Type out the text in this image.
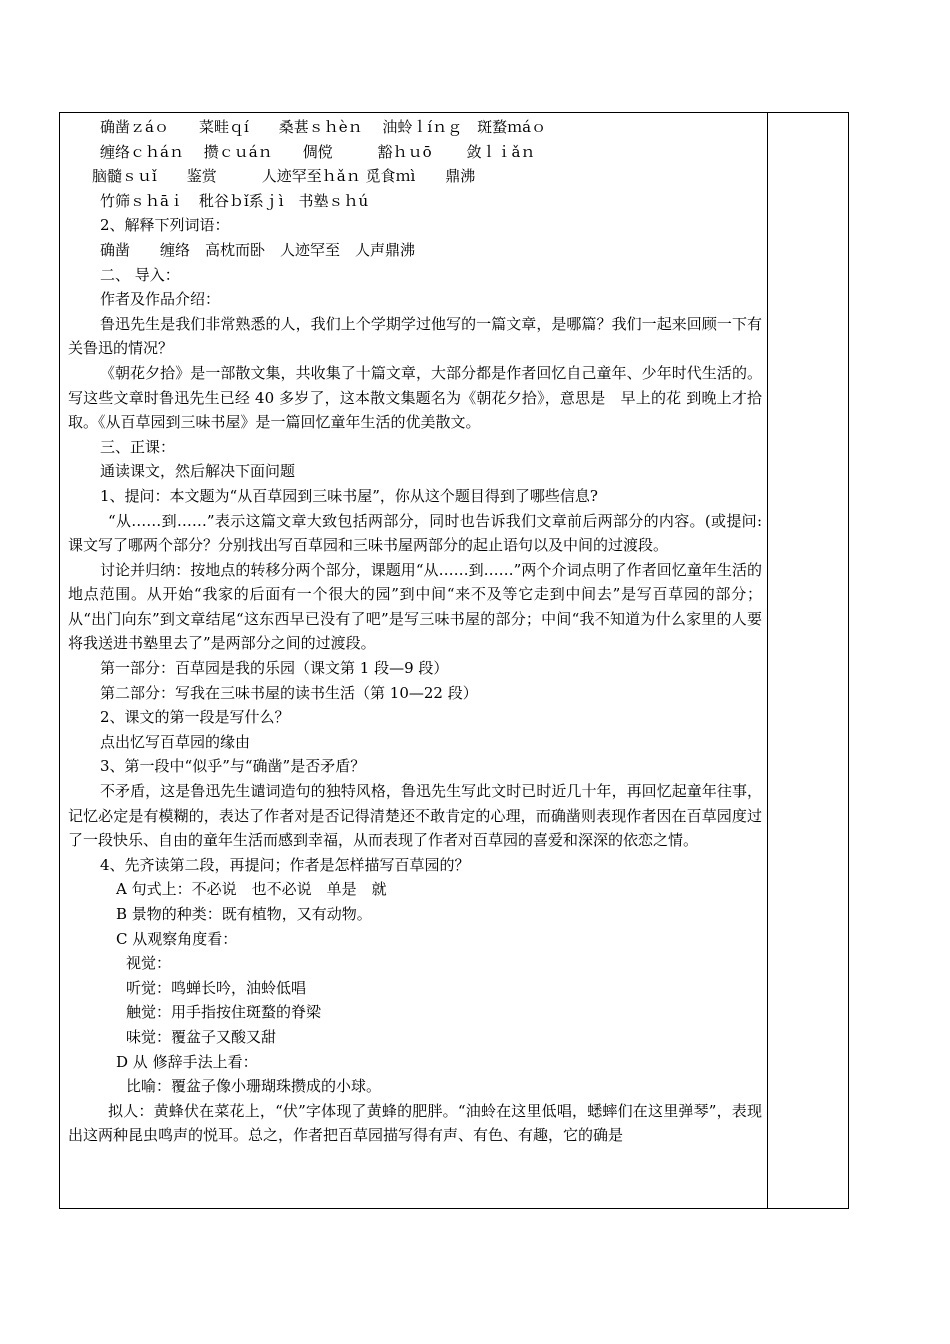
确凿ｚáｏ　　菜畦ｑí　　桑葚ｓｈèｎ　 油蛉ｌíｎｇ　斑蝥ｍáｏ
缠络ｃｈáｎ　 攒ｃｕáｎ　　倜傥　　　豁ｈｕō　　 敛ｌｉǎｎ
脑髓ｓｕǐ　　鉴赏　　　人迹罕至ｈǎｎ 觅食ｍì　　鼎沸
竹筛ｓｈāｉ　秕谷ｂǐ系ｊì　书塾ｓｈú
2、解释下列词语：
确凿　　缠络　高枕而卧　人迹罕至　人声鼎沸
二、 导入：
作者及作品介绍：
鲁迅先生是我们非常熟悉的人，我们上个学期学过他写的一篇文章，是哪篇？我们一起来回顾一下有关鲁迅的情况？
《朝花夕拾》是一部散文集，共收集了十篇文章，大部分都是作者回忆自己童年、少年时代生活的。写这些文章时鲁迅先生已经 40 多岁了，这本散文集题名为《朝花夕拾》，意思是　早上的花 到晚上才拾取。《从百草园到三味书屋》是一篇回忆童年生活的优美散文。
三、正课：
通读课文，然后解决下面问题
1、提问：本文题为“从百草园到三味书屋”，你从这个题目得到了哪些信息?
“从……到……”表示这篇文章大致包括两部分，同时也告诉我们文章前后两部分的内容。(或提问:课文写了哪两个部分？分别找出写百草园和三味书屋两部分的起止语句以及中间的过渡段。
讨论并归纳：按地点的转移分两个部分，课题用“从……到……”两个介词点明了作者回忆童年生活的地点范围。从开始“我家的后面有一个很大的园”到中间“来不及等它走到中间去”是写百草园的部分；从“出门向东”到文章结尾“这东西早已没有了吧”是写三味书屋的部分；中间“我不知道为什么家里的人要将我送进书塾里去了”是两部分之间的过渡段。
第一部分：百草园是我的乐园（课文第 1 段—9 段）
第二部分：写我在三味书屋的读书生活（第 10—22 段）
2、课文的第一段是写什么？
点出忆写百草园的缘由
3、第一段中“似乎”与“确凿”是否矛盾？
不矛盾，这是鲁迅先生谴词造句的独特风格，鲁迅先生写此文时已时近几十年，再回忆起童年往事，记忆必定是有模糊的，表达了作者对是否记得清楚还不敢肯定的心理，而确凿则表现作者因在百草园度过了一段快乐、自由的童年生活而感到幸福，从而表现了作者对百草园的喜爱和深深的依恋之情。
4、先齐读第二段，再提问；作者是怎样描写百草园的？
A 句式上：不必说　也不必说　单是　就
B 景物的种类：既有植物，又有动物。
C 从观察角度看：
视觉：
听觉：鸣蝉长吟，油蛉低唱
触觉：用手指按住斑蝥的脊梁
味觉：覆盆子又酸又甜
D 从 修辞手法上看：
比喻：覆盆子像小珊瑚珠攒成的小球。
拟人：黄蜂伏在菜花上，“伏”字体现了黄蜂的肥胖。“油蛉在这里低唱，蟋蟀们在这里弹琴”，表现出这两种昆虫鸣声的悦耳。总之，作者把百草园描写得有声、有色、有趣，它的确是
